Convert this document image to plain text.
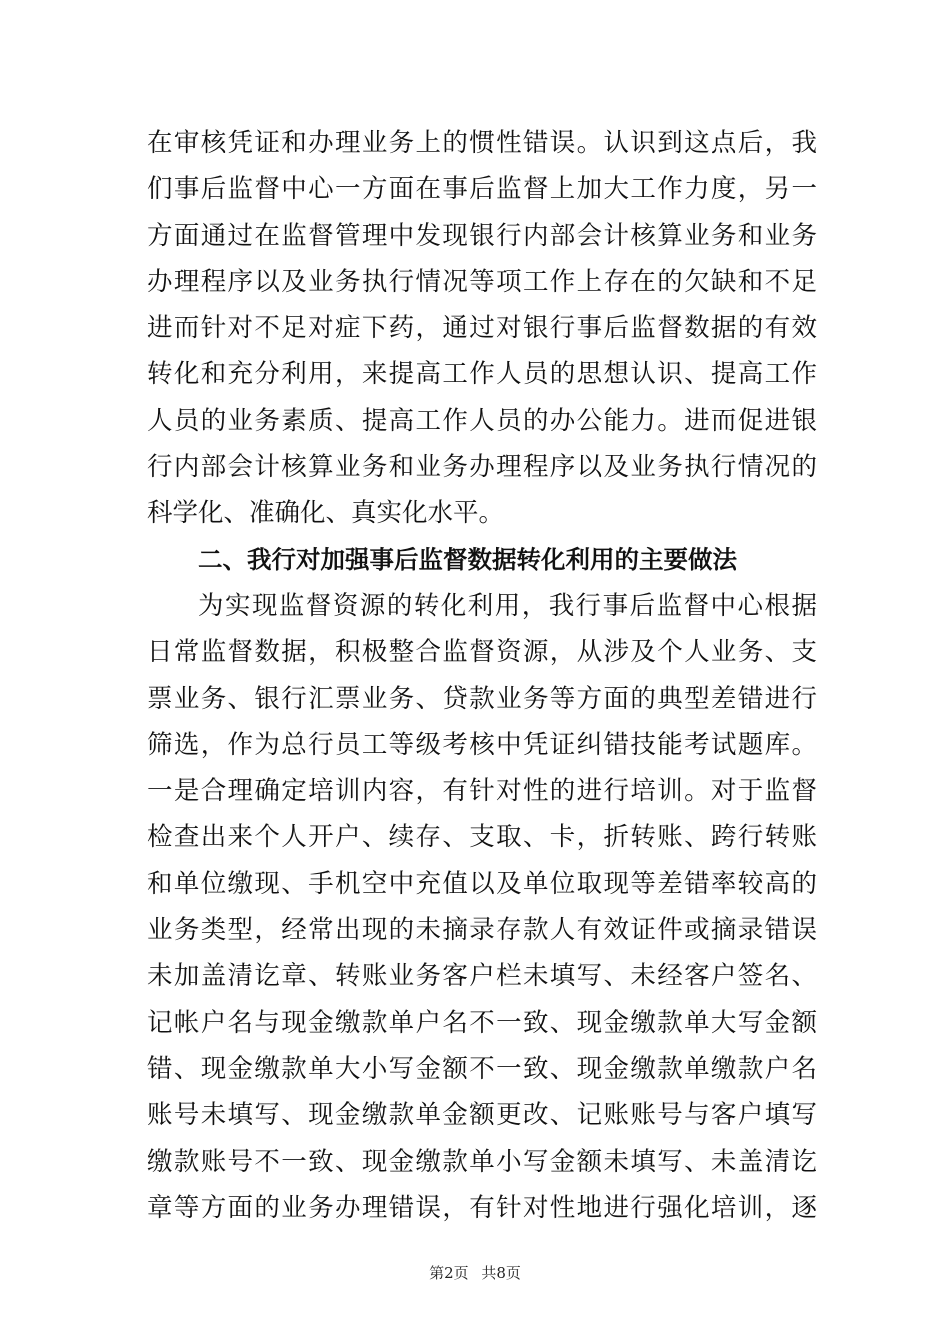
在审核凭证和办理业务上的惯性错误。认识到这点后，我
们事后监督中心一方面在事后监督上加大工作力度，另一
方面通过在监督管理中发现银行内部会计核算业务和业务
办理程序以及业务执行情况等项工作上存在的欠缺和不足
进而针对不足对症下药，通过对银行事后监督数据的有效
转化和充分利用，来提高工作人员的思想认识、提高工作
人员的业务素质、提高工作人员的办公能力。进而促进银
行内部会计核算业务和业务办理程序以及业务执行情况的
科学化、准确化、真实化水平。
二、我行对加强事后监督数据转化利用的主要做法
为实现监督资源的转化利用，我行事后监督中心根据
日常监督数据，积极整合监督资源，从涉及个人业务、支
票业务、银行汇票业务、贷款业务等方面的典型差错进行
筛选，作为总行员工等级考核中凭证纠错技能考试题库。
一是合理确定培训内容，有针对性的进行培训。对于监督
检查出来个人开户、续存、支取、卡，折转账、跨行转账
和单位缴现、手机空中充值以及单位取现等差错率较高的
业务类型，经常出现的未摘录存款人有效证件或摘录错误
未加盖清讫章、转账业务客户栏未填写、未经客户签名、
记帐户名与现金缴款单户名不一致、现金缴款单大写金额
错、现金缴款单大小写金额不一致、现金缴款单缴款户名
账号未填写、现金缴款单金额更改、记账账号与客户填写
缴款账号不一致、现金缴款单小写金额未填写、未盖清讫
章等方面的业务办理错误，有针对性地进行强化培训，逐
第2页 共8页
